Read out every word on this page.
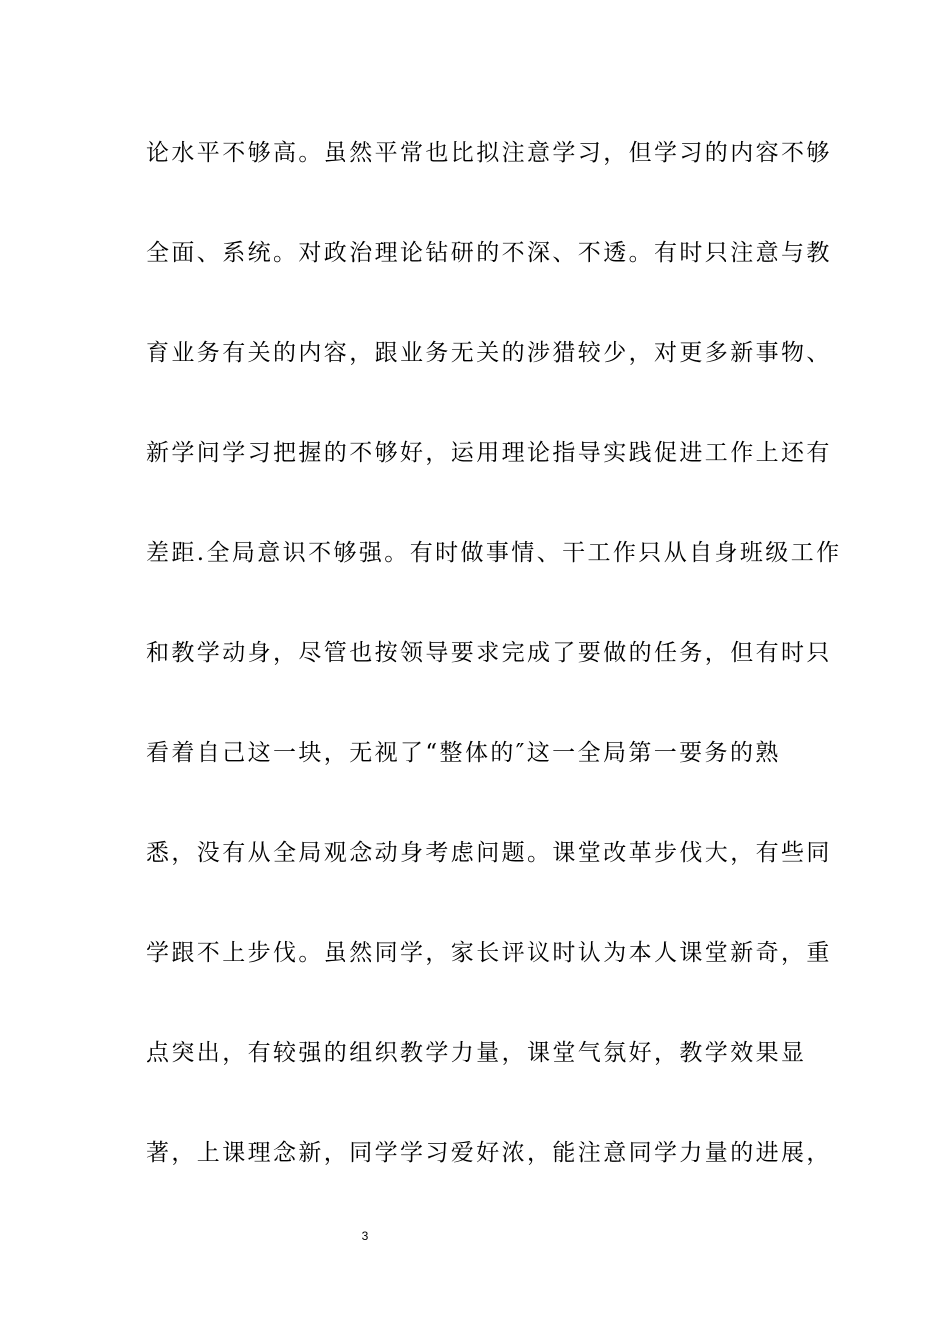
论水平不够高。虽然平常也比拟注意学习，但学习的内容不够
全面、系统。对政治理论钻研的不深、不透。有时只注意与教
育业务有关的内容，跟业务无关的涉猎较少，对更多新事物、
新学问学习把握的不够好，运用理论指导实践促进工作上还有
差距.全局意识不够强。有时做事情、干工作只从自身班级工作
和教学动身，尽管也按领导要求完成了要做的任务，但有时只
看着自己这一块，无视了“整体的″这一全局第一要务的熟
悉，没有从全局观念动身考虑问题。课堂改革步伐大，有些同
学跟不上步伐。虽然同学，家长评议时认为本人课堂新奇，重
点突出，有较强的组织教学力量，课堂气氛好，教学效果显
著，上课理念新，同学学习爱好浓，能注意同学力量的进展，
3
